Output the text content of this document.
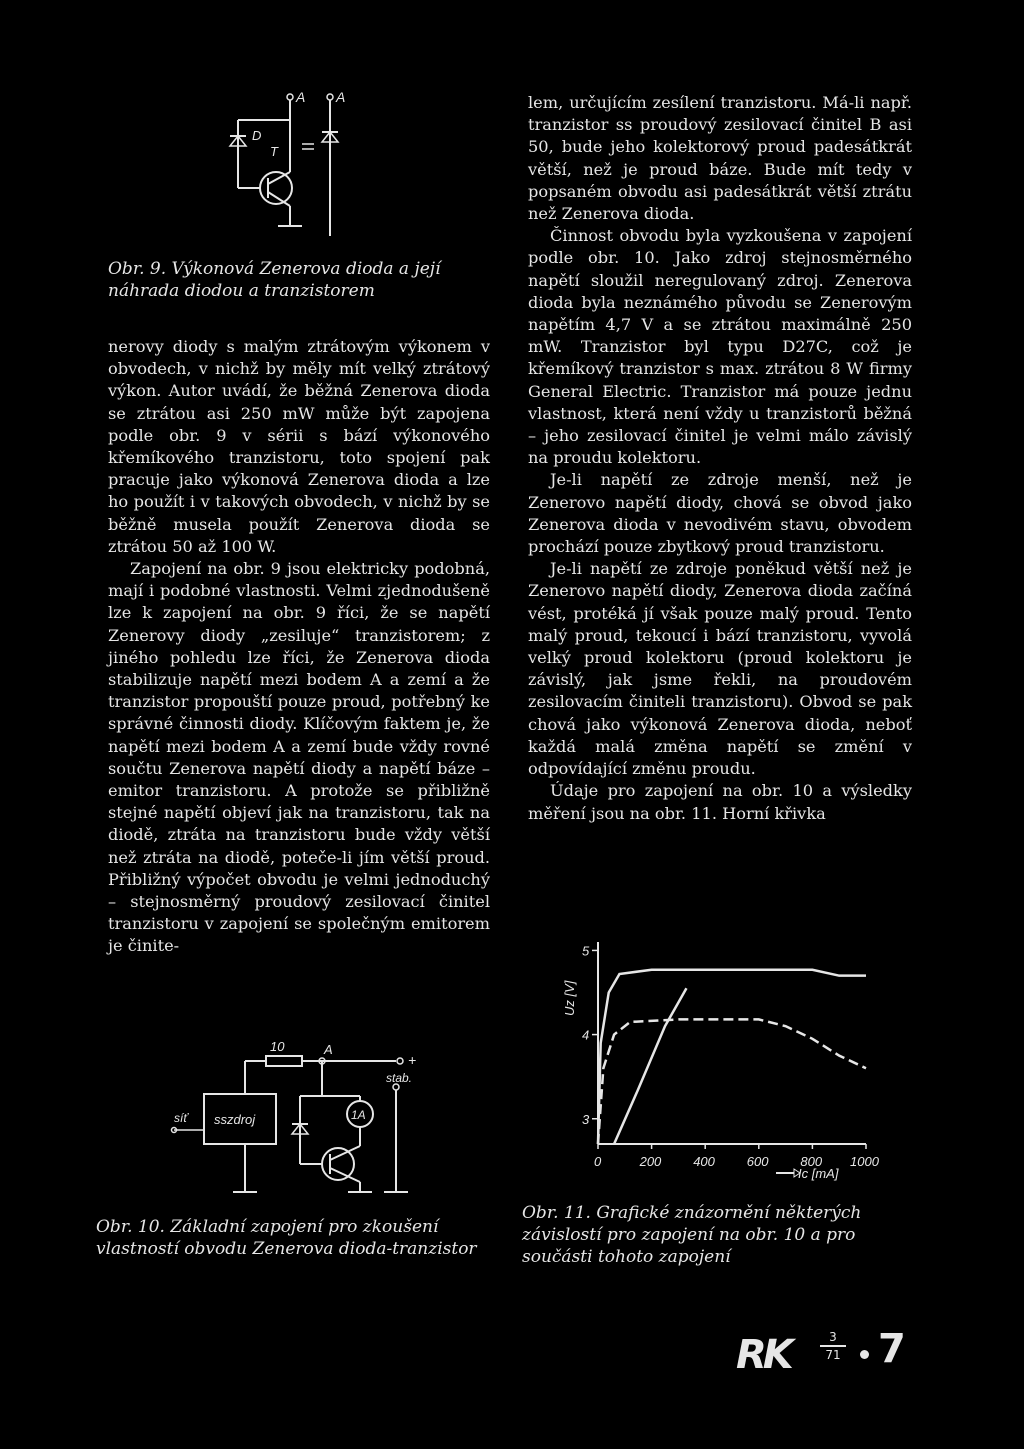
A A
D
T
Obr. 9. Výkonová Zenerova dioda a její náhrada diodou a tranzistorem

nerovy diody s malým ztrátovým výkonem v obvodech, v nichž by měly mít velký ztrátový výkon. Autor uvádí, že běžná Zenerova dioda se ztrátou asi 250 mW může být zapojena podle obr. 9 v sérii s bází výkonového křemíkového tranzistoru, toto spojení pak pracuje jako výkonová Zenerova dioda a lze ho použít i v takových obvodech, v nichž by se běžně musela použít Zenerova dioda se ztrátou 50 až 100 W.

Zapojení na obr. 9 jsou elektricky podobná, mají i podobné vlastnosti. Velmi zjednodušeně lze k zapojení na obr. 9 říci, že se napětí Zenerovy diody „zesiluje“ tranzistorem; z jiného pohledu lze říci, že Zenerova dioda stabilizuje napětí mezi bodem A a zemí a že tranzistor propouští pouze proud, potřebný ke správné činnosti diody. Klíčovým faktem je, že napětí mezi bodem A a zemí bude vždy rovné součtu Zenerova napětí diody a napětí báze – emitor tranzistoru. A protože se přibližně stejné napětí objeví jak na tranzistoru, tak na diodě, ztráta na tranzistoru bude vždy větší než ztráta na diodě, poteče-li jím větší proud. Přibližný výpočet obvodu je velmi jednoduchý – stejnosměrný proudový zesilovací činitel tranzistoru v zapojení se společným emitorem je činite-

10	A
+
stab.
sszdroj
síť	1A
Obr. 10. Základní zapojení pro zkoušení vlastností obvodu Zenerova dioda-tranzistor

lem, určujícím zesílení tranzistoru. Má-li např. tranzistor ss proudový zesilovací činitel B asi 50, bude jeho kolektorový proud padesátkrát větší, než je proud báze. Bude mít tedy v popsaném obvodu asi padesátkrát větší ztrátu než Zenerova dioda.

Činnost obvodu byla vyzkoušena v zapojení podle obr. 10. Jako zdroj stejnosměrného napětí sloužil neregulovaný zdroj. Zenerova dioda byla neznámého původu se Zenerovým napětím 4,7 V a se ztrátou maximálně 250 mW. Tranzistor byl typu D27C, což je křemíkový tranzistor s max. ztrátou 8 W firmy General Electric. Tranzistor má pouze jednu vlastnost, která není vždy u tranzistorů běžná – jeho zesilovací činitel je velmi málo závislý na proudu kolektoru.

Je-li napětí ze zdroje menší, než je Zenerovo napětí diody, chová se obvod jako Zenerova dioda v nevodivém stavu, obvodem prochází pouze zbytkový proud tranzistoru.

Je-li napětí ze zdroje poněkud větší než je Zenerovo napětí diody, Zenerova dioda začíná vést, protéká jí však pouze malý proud. Tento malý proud, tekoucí i bází tranzistoru, vyvolá velký proud kolektoru (proud kolektoru je závislý, jak jsme řekli, na proudovém zesilovacím činiteli tranzistoru). Obvod se pak chová jako výkonová Zenerova dioda, neboť každá malá změna napětí se změní v odpovídající změnu proudu.

Údaje pro zapojení na obr. 10 a výsledky měření jsou na obr. 11. Horní křivka

3
4
5
0	200 400 600 800 1000
Uz [V]
Ic [mA]
Obr. 11. Grafické znázornění některých závislostí pro zapojení na obr. 10 a pro součásti tohoto zapojení
RK	3
71 7
